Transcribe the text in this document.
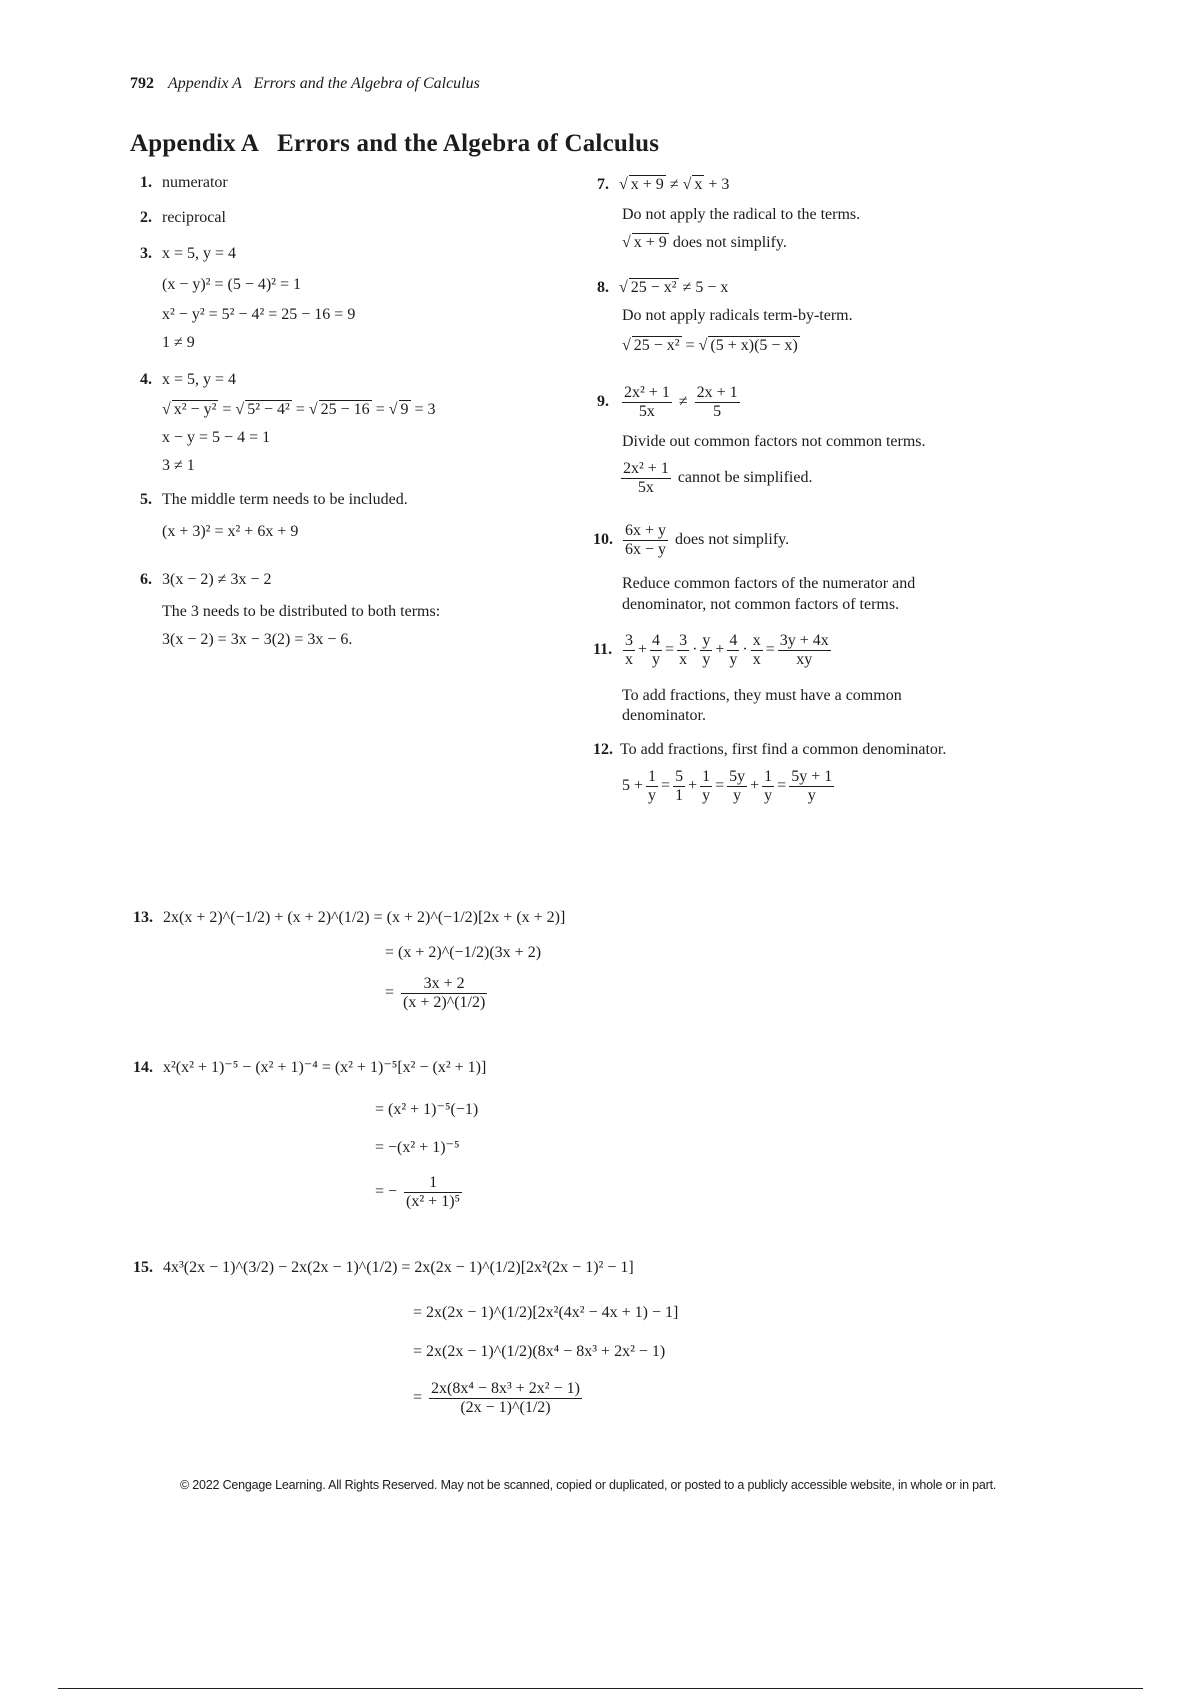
792 Appendix A   Errors and the Algebra of Calculus
Appendix A   Errors and the Algebra of Calculus
1. numerator
2. reciprocal
3. x = 5, y = 4
(x − y)² = (5 − 4)² = 1
x² − y² = 5² − 4² = 25 − 16 = 9
1 ≠ 9
4. x = 5, y = 4
√ x² − y² = √ 5² − 4² = √ 25 − 16 = √ 9 = 3
x − y = 5 − 4 = 1
3 ≠ 1
5. The middle term needs to be included.
(x + 3)² = x² + 6x + 9
6. 3(x − 2) ≠ 3x − 2
The 3 needs to be distributed to both terms:
3(x − 2) = 3x − 3(2) = 3x − 6.
7. √ x + 9 ≠ √ x + 3
Do not apply the radical to the terms.
√ x + 9 does not simplify.
8. √ 25 − x² ≠ 5 − x
Do not apply radicals term-by-term.
√ 25 − x² = √ (5 + x)(5 − x)
9. $\frac{\text{2x² + 1}}{5x} \ne \frac{2x + 1}{5}$
Divide out common factors not common terms.
$\frac{\text{2x² + 1}}{5x}$ cannot be simplified.
10. $\frac{6x + y}{6x - y}$ does not simplify.
Reduce common factors of the numerator and
denominator, not common factors of terms.
11. $\frac{3}{x} + \frac{4}{y} = \frac{3}{x} \cdot \frac{y}{y} + \frac{4}{y} \cdot \frac{x}{x} = \frac{3y + 4x}{xy}$
To add fractions, they must have a common
denominator.
12. To add fractions, first find a common denominator.
$5 + \frac{1}{y} = \frac{5}{1} + \frac{1}{y} = \frac{5y}{y} + \frac{1}{y} = \frac{5y + 1}{y}$
13. 2x(x + 2)^(−1/2) + (x + 2)^(1/2) = (x + 2)^(−1/2)[2x + (x + 2)]
= (x + 2)^(−1/2)(3x + 2)
= $\frac{3x + 2}{(x + 2)\^{}(1/2)}$
14. x²(x² + 1)⁻⁵ − (x² + 1)⁻⁴ = (x² + 1)⁻⁵[x² − (x² + 1)]
= (x² + 1)⁻⁵(−1)
= −(x² + 1)⁻⁵
= − $\frac{1}{\text{(x² + 1)⁵}}$
15. 4x³(2x − 1)^(3/2) − 2x(2x − 1)^(1/2) = 2x(2x − 1)^(1/2)[2x²(2x − 1)² − 1]
= 2x(2x − 1)^(1/2)[2x²(4x² − 4x + 1) − 1]
= 2x(2x − 1)^(1/2)(8x⁴ − 8x³ + 2x² − 1)
= $\frac{\text{2x(8x⁴ − 8x³ + 2x² − 1)}}{(2x - 1)\^{}(1/2)}$
© 2022 Cengage Learning. All Rights Reserved. May not be scanned, copied or duplicated, or posted to a publicly accessible website, in whole or in part.
